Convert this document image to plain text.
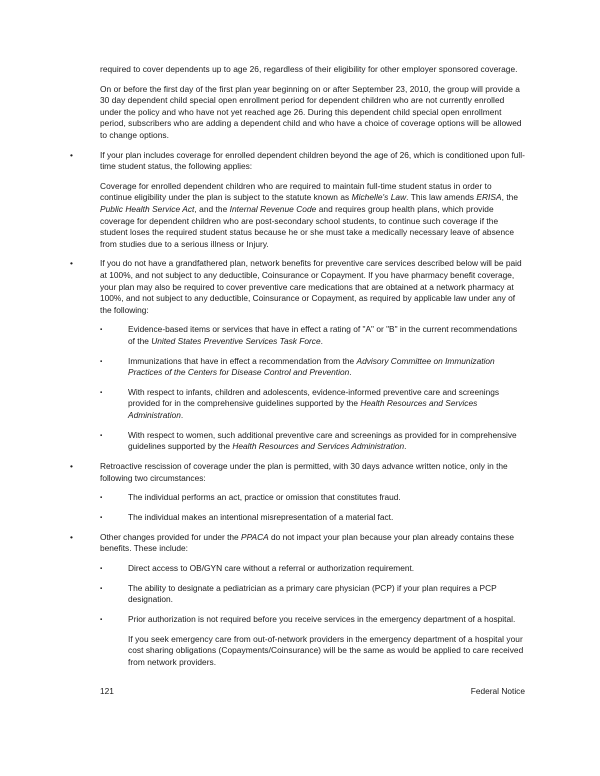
required to cover dependents up to age 26, regardless of their eligibility for other employer sponsored coverage.

On or before the first day of the first plan year beginning on or after September 23, 2010, the group will provide a 30 day dependent child special open enrollment period for dependent children who are not currently enrolled under the policy and who have not yet reached age 26. During this dependent child special open enrollment period, subscribers who are adding a dependent child and who have a choice of coverage options will be allowed to change options.

•	If your plan includes coverage for enrolled dependent children beyond the age of 26, which is conditioned upon full-time student status, the following applies:

Coverage for enrolled dependent children who are required to maintain full-time student status in order to continue eligibility under the plan is subject to the statute known as Michelle's Law. This law amends ERISA, the Public Health Service Act, and the Internal Revenue Code and requires group health plans, which provide coverage for dependent children who are post-secondary school students, to continue such coverage if the student loses the required student status because he or she must take a medically necessary leave of absence from studies due to a serious illness or Injury.

•	If you do not have a grandfathered plan, network benefits for preventive care services described below will be paid at 100%, and not subject to any deductible, Coinsurance or Copayment. If you have pharmacy benefit coverage, your plan may also be required to cover preventive care medications that are obtained at a network pharmacy at 100%, and not subject to any deductible, Coinsurance or Copayment, as required by applicable law under any of the following:
▪	Evidence-based items or services that have in effect a rating of "A" or "B" in the current recommendations of the United States Preventive Services Task Force.
▪	Immunizations that have in effect a recommendation from the Advisory Committee on Immunization Practices of the Centers for Disease Control and Prevention.
▪	With respect to infants, children and adolescents, evidence-informed preventive care and screenings provided for in the comprehensive guidelines supported by the Health Resources and Services Administration.
▪	With respect to women, such additional preventive care and screenings as provided for in comprehensive guidelines supported by the Health Resources and Services Administration.
•	Retroactive rescission of coverage under the plan is permitted, with 30 days advance written notice, only in the following two circumstances:
▪	The individual performs an act, practice or omission that constitutes fraud.
▪	The individual makes an intentional misrepresentation of a material fact.
•	Other changes provided for under the PPACA do not impact your plan because your plan already contains these benefits. These include:
▪	Direct access to OB/GYN care without a referral or authorization requirement.
▪	The ability to designate a pediatrician as a primary care physician (PCP) if your plan requires a PCP designation.
▪	Prior authorization is not required before you receive services in the emergency department of a hospital.

If you seek emergency care from out-of-network providers in the emergency department of a hospital your cost sharing obligations (Copayments/Coinsurance) will be the same as would be applied to care received from network providers.

121	Federal Notice
